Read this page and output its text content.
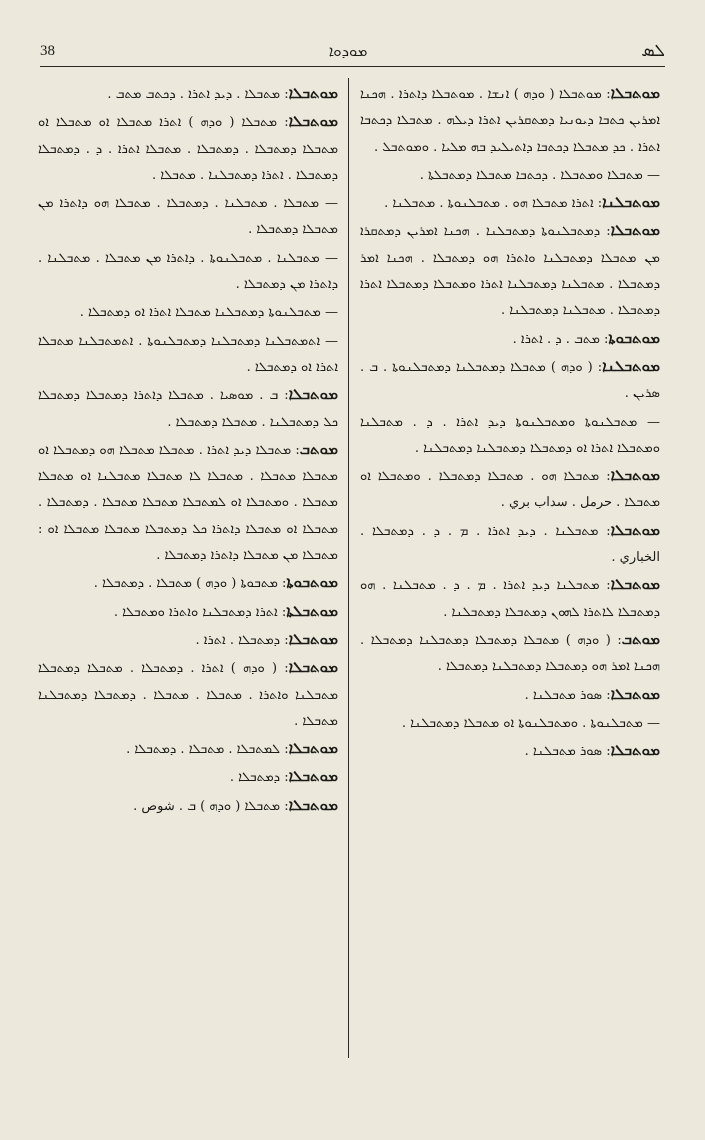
38	ܡܘܕܘܐ	ܠܣ
ܡܘܬܒܠܐ: ܡܘܬܒܠܐ ( ܘܕܗ ) ܐܢܫܐ . ܡܘܬܒܠܐ ܕܐܬܪܐ . ܗܟܢܐ ܐܡܪܝܢ ܟܬܒܐ ܕܝܘܢܝܐ ܕܡܬܩܪܝܢ ܐܬܪܐ ܕܝܠܗ . ܡܬܒܠܐ ܕܟܬܒܐ ܐܬܪܐ . ܟܕ ܡܬܒܠܐ ܕܟܬܒܐ ܕܐܬܝܠܝܕ ܒܗ ܡܠܝܐ . ܘܡܘܬܒܠ .
— ܡܬܒܠܐ ܘܡܬܒܠܐ . ܕܟܬܒܐ ܡܬܒܠܐ ܕܡܬܒܠܬܐ .
ܡܘܬܒܠܢܐ: ܐܬܪܐ ܡܬܒܠܐ ܗܘ . ܡܬܒܠܢܘܬܐ . ܡܬܒܠܢܐ .
ܡܘܬܒܠܐ: ܕܡܬܒܠܢܘܬܐ ܕܡܬܒܠܢܐ . ܗܟܢܐ ܐܡܪܝܢ ܕܡܬܩܪܐ ܡܢ ܡܬܒܠܐ ܕܡܬܒܠܢܐ ܘܐܬܪܐ ܗܘ ܕܡܬܒܠܐ . ܗܟܢܐ ܐܡܪ ܕܡܬܒܠܐ . ܡܬܒܠܢܐ ܕܡܬܒܠܢܐ ܐܬܪܐ ܘܡܬܒܠܐ ܕܡܬܒܠܐ ܐܬܪܐ ܕܡܬܒܠܐ . ܡܬܒܠܢܐ ܕܡܬܒܠܢܐ .
ܡܘܬܒܘܬܐ: ܡܬܒ . ܕ . ܐܬܪܐ .
ܡܘܬܒܠܢܐ: ( ܘܕܗ ) ܡܬܒܠܐ ܕܡܬܒܠܢܐ ܕܡܬܒܠܢܘܬܐ . ܒ . ܣܪܝܢ .
— ܡܬܒܠܢܘܬܐ ܘܡܬܒܠܢܘܬܐ ܕܝܕ ܐܬܪܐ . ܕ . ܡܬܒܠܢܐ ܘܡܬܒܠܐ ܐܬܪܐ ܐܘ ܕܡܬܒܠܐ ܕܡܬܒܠܢܐ ܕܡܬܒܠܢܐ .
ܡܘܬܒܠܐ: ܡܬܒܠܐ ܗܘ . ܡܬܒܠܐ ܕܡܬܒܠܐ . ܘܡܬܒܠܐ ܐܘ ܡܬܒܠܐ . حرمل . سداب بري .
ܡܘܬܒܠܐ: ܡܬܒܠܢܐ . ܕܝܕ ܐܬܪܐ . ܡ . ܕ . ܕܡܬܒܠܐ . الخباري .
ܡܘܬܒܠܐ: ܡܬܒܠܢܐ ܕܝܕ ܐܬܪܐ . ܡ . ܕ . ܡܬܒܠܢܐ . ܗܘ ܕܡܬܒܠܐ ܠܐܬܪܐ ܠܗܘܢ ܕܡܬܒܠܐ ܕܡܬܒܠܢܐ .
ܡܘܬܒ: ( ܘܕܗ ) ܡܬܒܠܐ ܕܡܬܒܠܐ ܕܡܬܒܠܢܐ ܕܡܬܒܠܐ . ܗܟܢܐ ܐܡܪ ܗܘ ܕܡܬܒܠܐ ܕܡܬܒܠܢܐ ܕܡܬܒܠܐ .
ܡܘܬܒܠܐ: ܣܘܪ ܡܬܒܠܢܐ .
— ܡܬܒܠܢܘܬܐ . ܘܡܬܒܠܢܘܬܐ ܐܘ ܡܬܒܠܐ ܕܡܬܒܠܢܐ .
ܡܘܬܒܠܐ: ܣܘܪ ܡܬܒܠܢܐ .
ܡܘܬܒܠܐ: ܡܬܒܠܐ . ܕܝܕ ܐܬܪܐ . ܕܟܬܒ ܡܬܒ .
ܡܘܬܒܠܐ: ܡܬܒܠܐ ( ܘܕܗ ) ܐܬܪܐ ܡܬܒܠܐ ܐܘ ܡܬܒܠܐ ܐܘ ܡܬܒܠܐ ܕܡܬܒܠܐ . ܕܡܬܒܠܐ . ܡܬܒܠܐ ܐܬܪܐ . ܕ . ܕܡܬܒܠܐ ܕܡܬܒܠܐ . ܐܬܪܐ ܕܡܬܒܠܢܐ . ܡܬܒܠܐ .
— ܡܬܒܠܐ . ܡܬܒܠܢܐ . ܕܡܬܒܠܐ . ܡܬܒܠܐ ܗܘ ܕܐܬܪܐ ܡܢ ܡܬܒܠܐ ܕܡܬܒܠܐ .
— ܡܬܒܠܢܐ . ܡܬܒܠܢܘܬܐ . ܕܐܬܪܐ ܡܢ ܡܬܒܠܐ . ܡܬܒܠܢܐ . ܕܐܬܪܐ ܡܢ ܕܡܬܒܠܐ .
— ܡܬܒܠܢܘܬܐ ܕܡܬܒܠܢܐ ܡܬܒܠܐ ܐܬܪܐ ܐܘ ܕܡܬܒܠܐ .
— ܐܬܡܬܒܠܢܐ ܕܡܬܒܠܢܐ ܕܡܬܒܠܢܘܬܐ . ܐܬܡܬܒܠܢܐ ܡܬܒܠܐ ܐܬܪܐ ܐܘ ܕܡܬܒܠܐ .
ܡܘܬܒܠܐ: ܒ . ܡܘܣܝܐ . ܡܬܒܠܐ ܕܐܬܪܐ ܕܡܬܒܠܐ ܕܡܬܒܠܐ ܟܠ ܕܡܬܒܠܢܐ . ܡܬܒܠܐ ܕܡܬܒܠܐ .
ܡܘܬܒ: ܡܬܒܠܐ ܕܝܕ ܐܬܪܐ . ܡܬܒܠܐ ܡܬܒܠܐ ܗܘ ܕܡܬܒܠܐ ܐܘ ܡܬܒܠܐ ܡܬܒܠܐ . ܡܬܒܠܐ ܠܐ ܡܬܒܠܐ ܡܬܒܠܢܐ ܐܘ ܡܬܒܠܐ ܡܬܒܠܐ . ܘܡܬܒܠܐ ܐܘ ܠܡܬܒܠܐ ܡܬܒܠܐ ܡܬܒܠܐ . ܕܡܬܒܠܐ . ܡܬܒܠܐ ܐܘ ܡܬܒܠܐ ܕܐܬܪܐ ܟܠ ܕܡܬܒܠܐ ܡܬܒܠܐ ܡܬܒܠܐ ܐܘ : ܡܬܒܠܐ ܡܢ ܡܬܒܠܐ ܕܐܬܪܐ ܕܡܬܒܠܐ .
ܡܘܬܒܘܬܐ: ܡܬܒܘܬܐ ( ܘܕܗ ) ܡܬܒܠܐ . ܕܡܬܒܠܐ .
ܡܘܬܒܠܬܐ: ܐܬܪܐ ܕܡܬܒܠܢܐ ܘܐܬܪܐ ܘܡܬܒܠܐ .
ܡܘܬܒܠܐ: ܕܡܬܒܠܐ . ܐܬܪܐ .
ܡܘܬܒܠܐ: ( ܘܕܗ ) ܐܬܪܐ . ܕܡܬܒܠܐ . ܡܬܒܠܐ ܕܡܬܒܠܐ ܡܬܒܠܢܐ ܘܐܬܪܐ . ܡܬܒܠܐ . ܡܬܒܠܐ . ܕܡܬܒܠܐ ܕܡܬܒܠܢܐ ܡܬܒܠܐ .
ܡܘܬܒܠܐ: ܠܡܬܒܠܐ . ܡܬܒܠܐ . ܕܡܬܒܠܐ .
ܡܘܬܒܠܐ: ܕܡܬܒܠܐ .
ܡܘܬܒܠܐ: ܡܬܒܠܐ ( ܘܕܗ ) ܒ . شوص .
